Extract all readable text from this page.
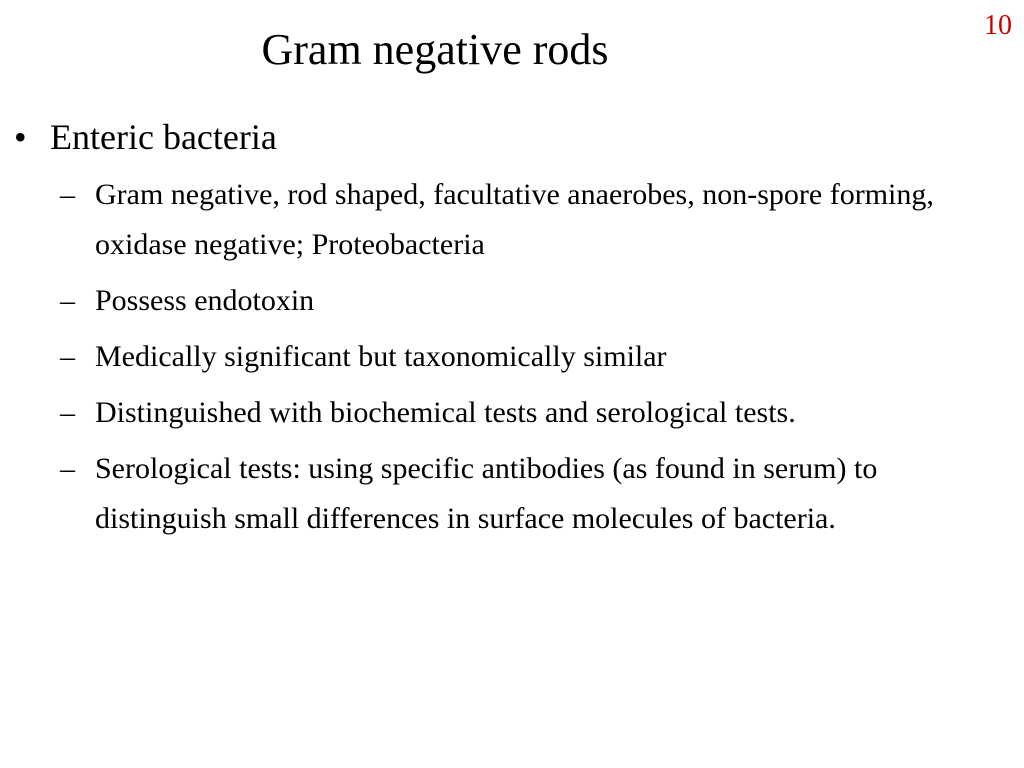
10
Gram negative rods
• Enteric bacteria
– Gram negative, rod shaped, facultative anaerobes, non-spore forming, oxidase negative; Proteobacteria
– Possess endotoxin
– Medically significant but taxonomically similar
– Distinguished with biochemical tests and serological tests.
– Serological tests: using specific antibodies (as found in serum) to distinguish small differences in surface molecules of bacteria.
